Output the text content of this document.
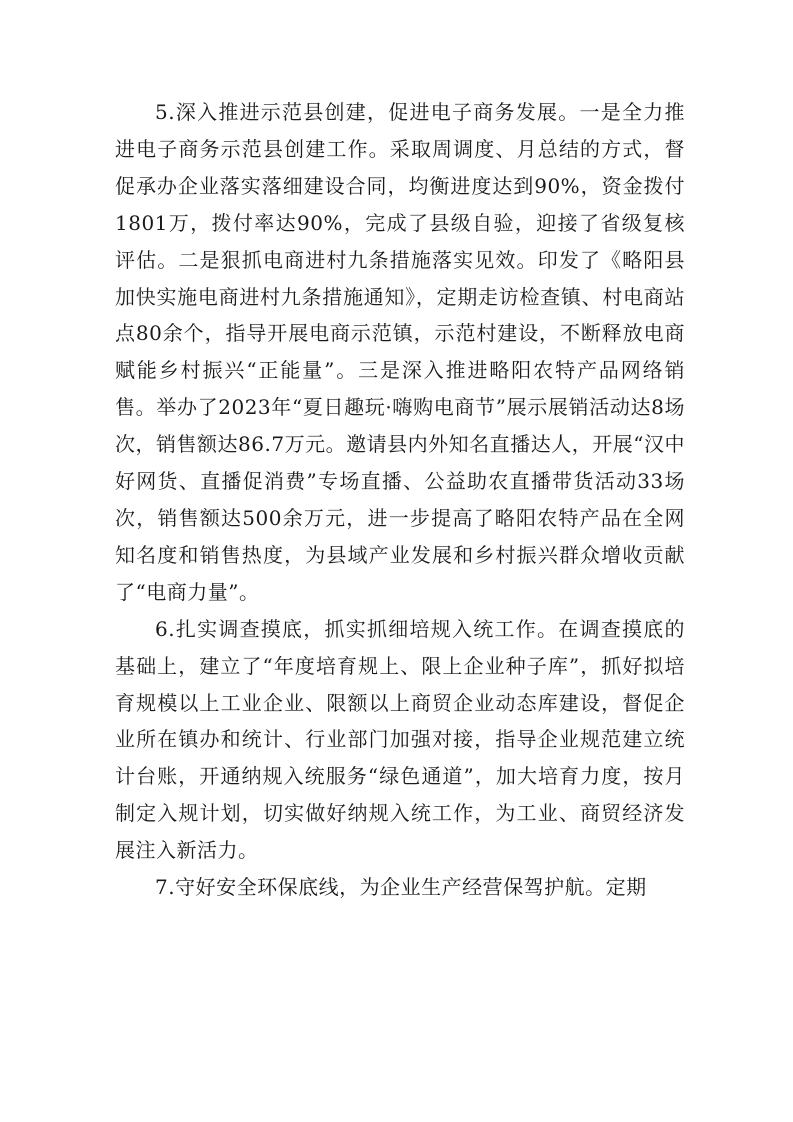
5.深入推进示范县创建，促进电子商务发展。一是全力推进电子商务示范县创建工作。采取周调度、月总结的方式，督促承办企业落实落细建设合同，均衡进度达到90%，资金拨付1801万，拨付率达90%，完成了县级自验，迎接了省级复核评估。二是狠抓电商进村九条措施落实见效。印发了《略阳县加快实施电商进村九条措施通知》，定期走访检查镇、村电商站点80余个，指导开展电商示范镇，示范村建设，不断释放电商赋能乡村振兴“正能量”。三是深入推进略阳农特产品网络销售。举办了2023年“夏日趣玩·嗨购电商节”展示展销活动达8场次，销售额达86.7万元。邀请县内外知名直播达人，开展“汉中好网货、直播促消费”专场直播、公益助农直播带货活动33场次，销售额达500余万元，进一步提高了略阳农特产品在全网知名度和销售热度，为县域产业发展和乡村振兴群众增收贡献了“电商力量”。

6.扎实调查摸底，抓实抓细培规入统工作。在调查摸底的基础上，建立了“年度培育规上、限上企业种子库”，抓好拟培育规模以上工业企业、限额以上商贸企业动态库建设，督促企业所在镇办和统计、行业部门加强对接，指导企业规范建立统计台账，开通纳规入统服务“绿色通道”，加大培育力度，按月制定入规计划，切实做好纳规入统工作，为工业、商贸经济发展注入新活力。

7.守好安全环保底线，为企业生产经营保驾护航。定期
